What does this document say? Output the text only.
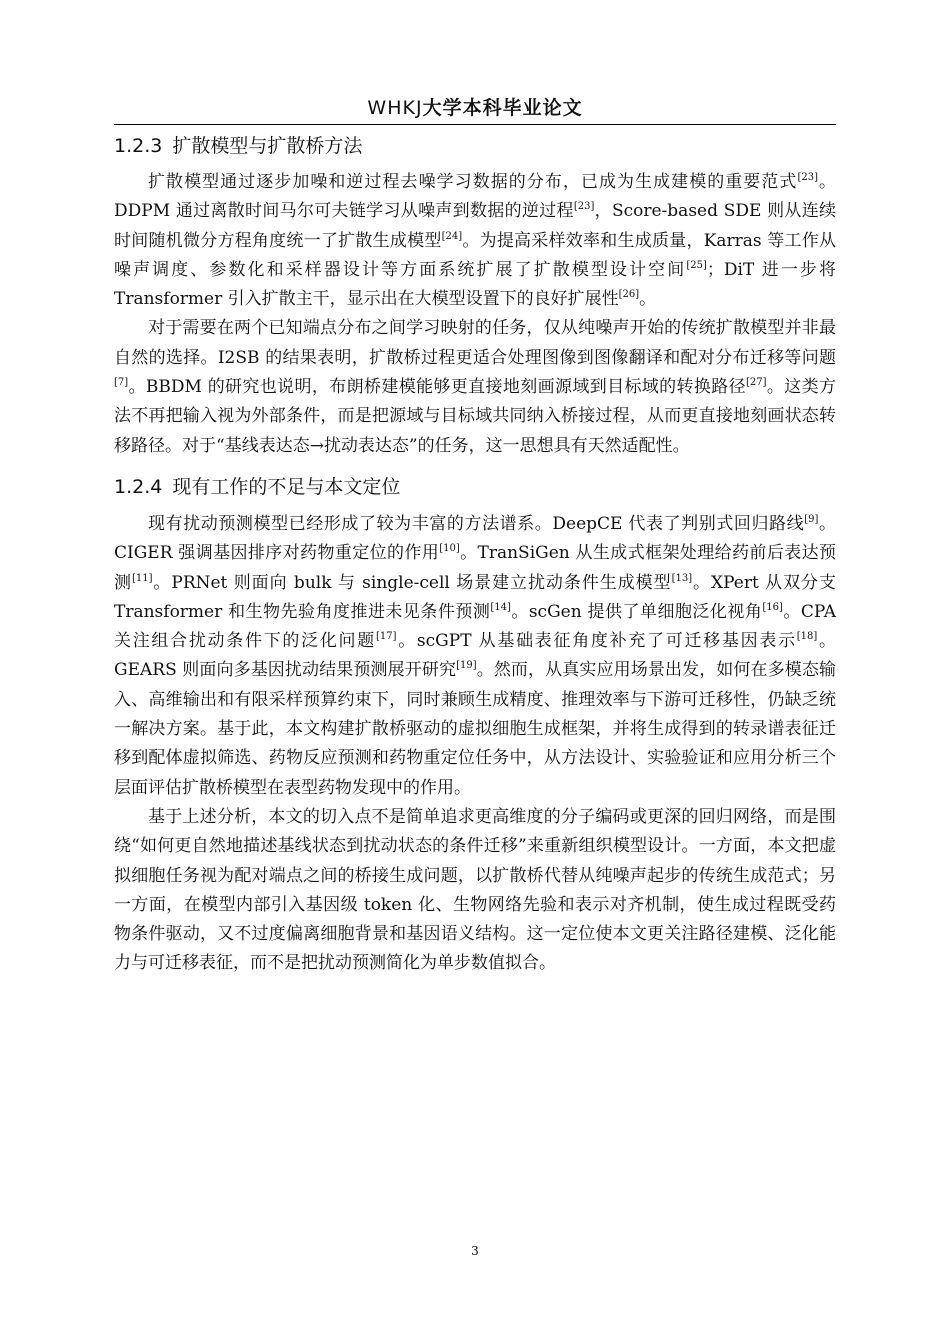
WHKJ大学本科毕业论文
1.2.3 扩散模型与扩散桥方法

扩散模型通过逐步加噪和逆过程去噪学习数据的分布，已成为生成建模的重要范式[23]。DDPM 通过离散时间马尔可夫链学习从噪声到数据的逆过程[23]，Score-based SDE 则从连续时间随机微分方程角度统一了扩散生成模型[24]。为提高采样效率和生成质量，Karras 等工作从噪声调度、参数化和采样器设计等方面系统扩展了扩散模型设计空间[25]；DiT 进一步将 Transformer 引入扩散主干，显示出在大模型设置下的良好扩展性[26]。

对于需要在两个已知端点分布之间学习映射的任务，仅从纯噪声开始的传统扩散模型并非最自然的选择。I2SB 的结果表明，扩散桥过程更适合处理图像到图像翻译和配对分布迁移等问题[7]。BBDM 的研究也说明，布朗桥建模能够更直接地刻画源域到目标域的转换路径[27]。这类方法不再把输入视为外部条件，而是把源域与目标域共同纳入桥接过程，从而更直接地刻画状态转移路径。对于“基线表达态→扰动表达态”的任务，这一思想具有天然适配性。

1.2.4 现有工作的不足与本文定位

现有扰动预测模型已经形成了较为丰富的方法谱系。DeepCE 代表了判别式回归路线[9]。CIGER 强调基因排序对药物重定位的作用[10]。TranSiGen 从生成式框架处理给药前后表达预测[11]。PRNet 则面向 bulk 与 single-cell 场景建立扰动条件生成模型[13]。XPert 从双分支 Transformer 和生物先验角度推进未见条件预测[14]。scGen 提供了单细胞泛化视角[16]。CPA 关注组合扰动条件下的泛化问题[17]。scGPT 从基础表征角度补充了可迁移基因表示[18]。GEARS 则面向多基因扰动结果预测展开研究[19]。然而，从真实应用场景出发，如何在多模态输入、高维输出和有限采样预算约束下，同时兼顾生成精度、推理效率与下游可迁移性，仍缺乏统一解决方案。基于此，本文构建扩散桥驱动的虚拟细胞生成框架，并将生成得到的转录谱表征迁移到配体虚拟筛选、药物反应预测和药物重定位任务中，从方法设计、实验验证和应用分析三个层面评估扩散桥模型在表型药物发现中的作用。

基于上述分析，本文的切入点不是简单追求更高维度的分子编码或更深的回归网络，而是围绕“如何更自然地描述基线状态到扰动状态的条件迁移”来重新组织模型设计。一方面，本文把虚拟细胞任务视为配对端点之间的桥接生成问题，以扩散桥代替从纯噪声起步的传统生成范式；另一方面，在模型内部引入基因级 token 化、生物网络先验和表示对齐机制，使生成过程既受药物条件驱动，又不过度偏离细胞背景和基因语义结构。这一定位使本文更关注路径建模、泛化能力与可迁移表征，而不是把扰动预测简化为单步数值拟合。

3
